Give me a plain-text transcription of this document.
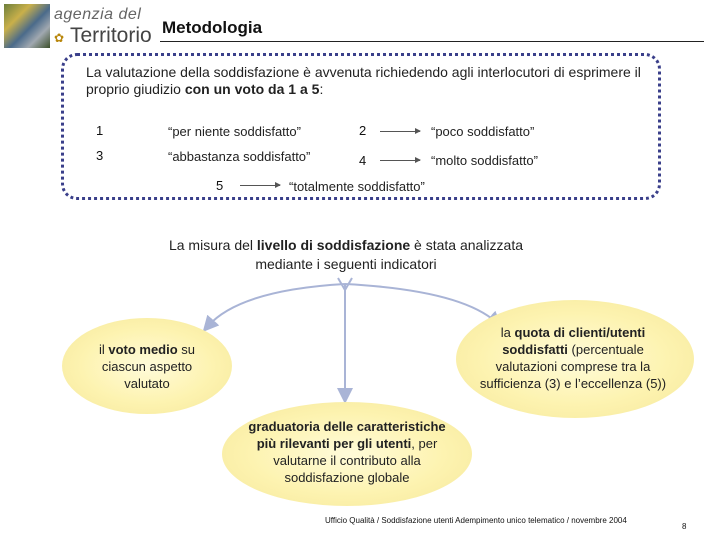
agenzia del
✿ Territorio Metodologia
La valutazione della soddisfazione è avvenuta richiedendo agli interlocutori di esprimere il proprio giudizio con un voto da 1 a 5:
1	“per niente soddisfatto”	2	“poco soddisfatto”
3	“abbastanza soddisfatto”	4	“molto soddisfatto”
5	“totalmente soddisfatto”
La misura del livello di soddisfazione è stata analizzata mediante i seguenti indicatori
il voto medio su ciascun aspetto valutato
la quota di clienti/utenti soddisfatti (percentuale valutazioni comprese tra la sufficienza (3) e l’eccellenza (5))
graduatoria delle caratteristiche più rilevanti per gli utenti, per valutarne il contributo alla soddisfazione globale
Ufficio Qualità / Soddisfazione utenti Adempimento unico telematico / novembre 2004
8
